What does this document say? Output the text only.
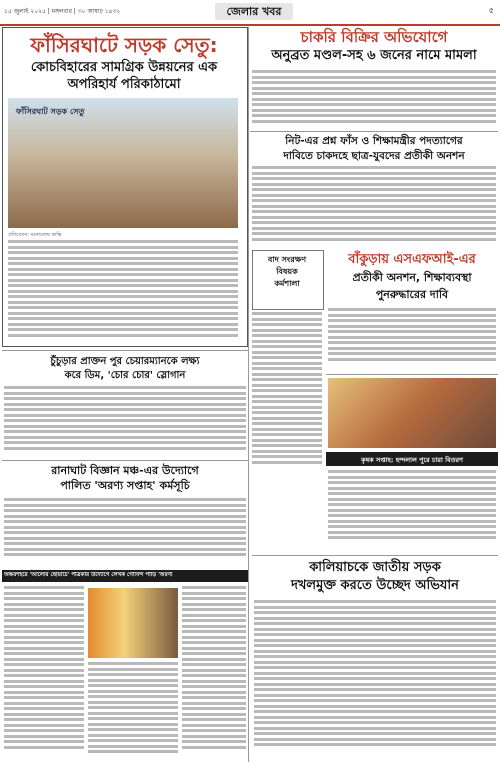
১৫ জুলাই ২০২৫ | মঙ্গলবার | ৩০ আষাঢ় ১৪৩২	জেলার খবর	৫
ফাঁসিরঘাটে সড়ক সেতু:
কোচবিহারের সামগ্রিক উন্নয়নের এক
অপরিহার্য পরিকাঠামো
ফাঁসিরঘাট সড়ক সেতু
প্রতিবেদন: মনোতোষ কান্তি
চাকরি বিক্রির অভিযোগে
অনুব্রত মণ্ডল-সহ ৬ জনের নামে মামলা
নিট-এর প্রশ্ন ফাঁস ও শিক্ষামন্ত্রীর পদত্যাগের
দাবিতে চাকদহে ছাত্র-যুবদের প্রতীকী অনশন
বাদ সংরক্ষণ
বিষয়ক
কর্মশালা
বাঁকুড়ায় এসএফআই-এর
প্রতীকী অনশন, শিক্ষাব্যবস্থা
পুনরুদ্ধারের দাবি
চুঁচুড়ার প্রাক্তন পুর চেয়ারম্যানকে লক্ষ্য
করে ডিম, 'চোর চোর' স্লোগান
রানাঘাট বিজ্ঞান মঞ্চ-এর উদ্যোগে
পালিত 'অরণ্য সপ্তাহ' কর্মসূচি
কৃষক সপ্তাহ: হল্দলাল পুরে চারা বিতরণ
কালিয়াচকে জাতীয় সড়ক
দখলমুক্ত করতে উচ্ছেদ অভিযান
অক্ষরশহরে 'আলোর ছোঁয়াচে' পত্রিকার উদ্যোগে লেখক গোবিন্দ পাড়ি 'অরণ্য
